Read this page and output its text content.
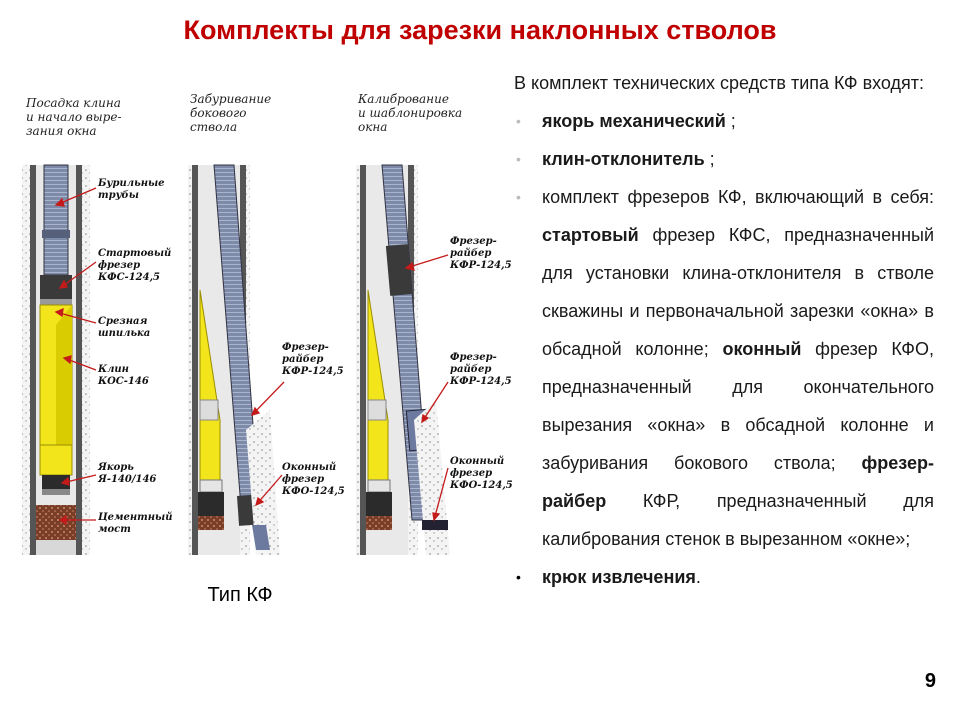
Комплекты для зарезки наклонных стволов
Посадка клина
и начало выре-
зания окна
Забуривание
бокового
ствола
Калибрование
и шаблонировка
окна
Бурильные
трубы
Стартовый
фрезер
КФС-124,5
Срезная
шпилька
Клин
КОС-146
Якорь
Я-140/146
Цементный
мост
Фрезер-
райбер
КФР-124,5
Оконный
фрезер
КФО-124,5
Фрезер-
райбер
КФР-124,5
Фрезер-
райбер
КФР-124,5
Оконный
фрезер
КФО-124,5
Тип КФ

В комплект технических средств типа КФ входят:

• якорь механический ;
• клин-отклонитель ;
• комплект фрезеров КФ, включающий в себя: стартовый фрезер КФС, предназначенный для установки клина-отклонителя в стволе скважины и первоначальной зарезки «окна» в обсадной колонне; оконный фрезер КФО, предназначенный для окончательного вырезания «окна» в обсадной колонне и забуривания бокового ствола; фрезер-райбер КФР, предназначенный для калибрования стенок в вырезанном «окне»;
• крюк извлечения.
9
